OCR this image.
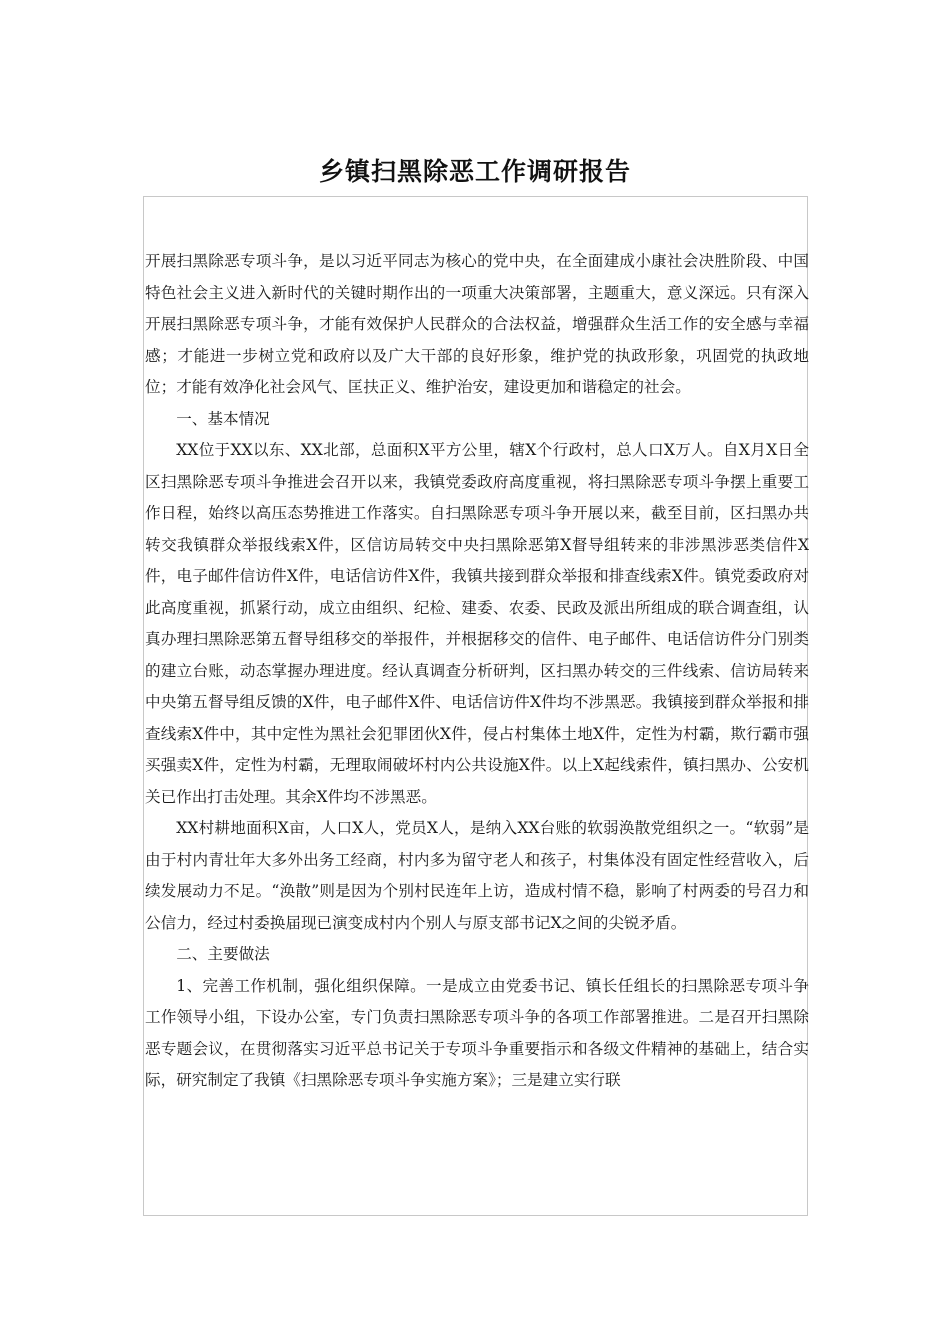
乡镇扫黑除恶工作调研报告

开展扫黑除恶专项斗争，是以习近平同志为核心的党中央，在全面建成小康社会决胜阶段、中国特色社会主义进入新时代的关键时期作出的一项重大决策部署，主题重大，意义深远。只有深入开展扫黑除恶专项斗争，才能有效保护人民群众的合法权益，增强群众生活工作的安全感与幸福感；才能进一步树立党和政府以及广大干部的良好形象，维护党的执政形象，巩固党的执政地位；才能有效净化社会风气、匡扶正义、维护治安，建设更加和谐稳定的社会。

一、基本情况

XX位于XX以东、XX北部，总面积X平方公里，辖X个行政村，总人口X万人。自X月X日全区扫黑除恶专项斗争推进会召开以来，我镇党委政府高度重视，将扫黑除恶专项斗争摆上重要工作日程，始终以高压态势推进工作落实。自扫黑除恶专项斗争开展以来，截至目前，区扫黑办共转交我镇群众举报线索X件，区信访局转交中央扫黑除恶第X督导组转来的非涉黑涉恶类信件X件，电子邮件信访件X件，电话信访件X件，我镇共接到群众举报和排查线索X件。镇党委政府对此高度重视，抓紧行动，成立由组织、纪检、建委、农委、民政及派出所组成的联合调查组，认真办理扫黑除恶第五督导组移交的举报件，并根据移交的信件、电子邮件、电话信访件分门别类的建立台账，动态掌握办理进度。经认真调查分析研判，区扫黑办转交的三件线索、信访局转来中央第五督导组反馈的X件，电子邮件X件、电话信访件X件均不涉黑恶。我镇接到群众举报和排查线索X件中，其中定性为黑社会犯罪团伙X件，侵占村集体土地X件，定性为村霸，欺行霸市强买强卖X件，定性为村霸，无理取闹破坏村内公共设施X件。以上X起线索件，镇扫黑办、公安机关已作出打击处理。其余X件均不涉黑恶。

XX村耕地面积X亩，人口X人，党员X人，是纳入XX台账的软弱涣散党组织之一。“软弱”是由于村内青壮年大多外出务工经商，村内多为留守老人和孩子，村集体没有固定性经营收入，后续发展动力不足。“涣散”则是因为个别村民连年上访，造成村情不稳，影响了村两委的号召力和公信力，经过村委换届现已演变成村内个别人与原支部书记X之间的尖锐矛盾。

二、主要做法

1、完善工作机制，强化组织保障。一是成立由党委书记、镇长任组长的扫黑除恶专项斗争工作领导小组，下设办公室，专门负责扫黑除恶专项斗争的各项工作部署推进。二是召开扫黑除恶专题会议，在贯彻落实习近平总书记关于专项斗争重要指示和各级文件精神的基础上，结合实际，研究制定了我镇《扫黑除恶专项斗争实施方案》；三是建立实行联
